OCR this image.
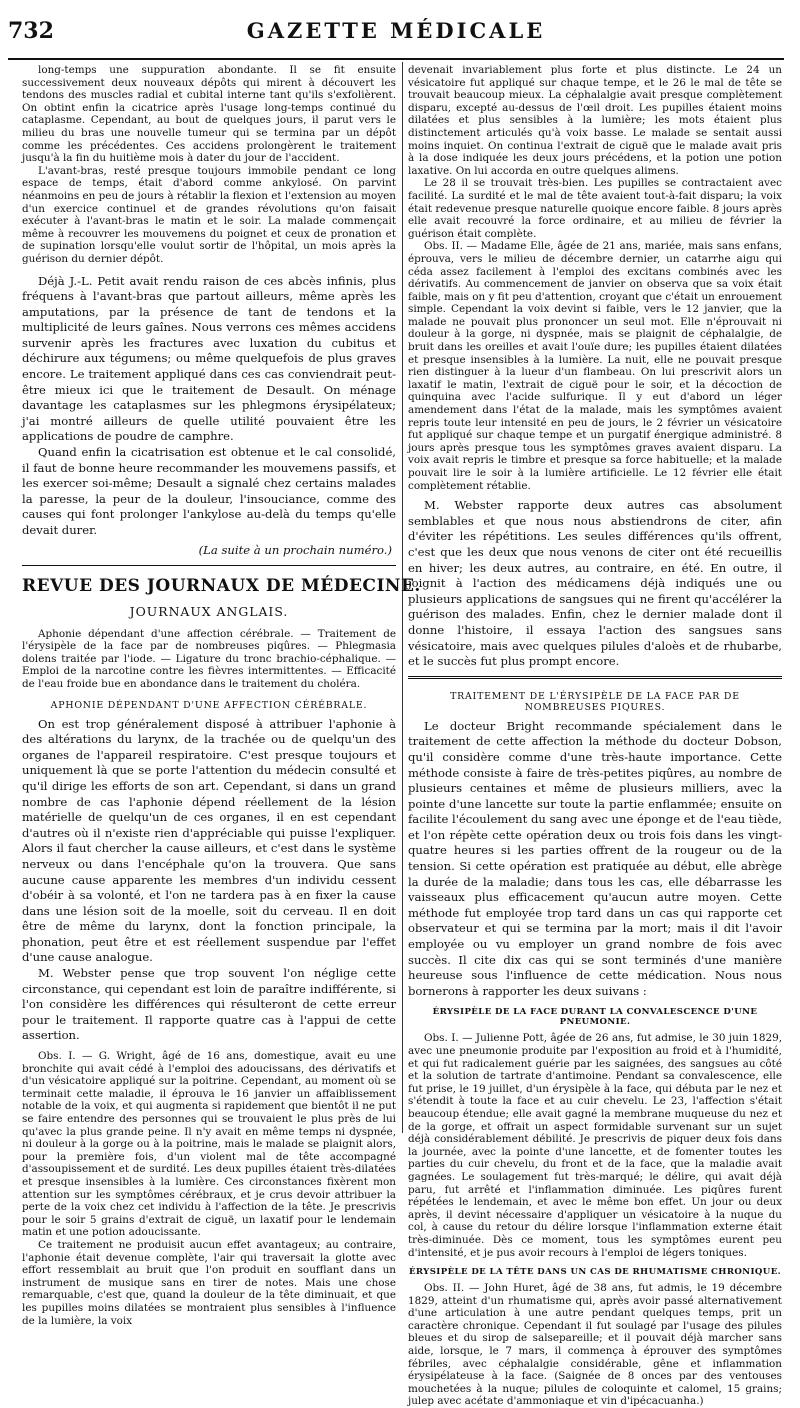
732	GAZETTE MÉDICALE

long-temps une suppuration abondante. Il se fit ensuite successivement deux nouveaux dépôts qui mirent à découvert les tendons des muscles radial et cubital interne tant qu'ils s'exfolièrent. On obtint enfin la cicatrice après l'usage long-temps continué du cataplasme. Cependant, au bout de quelques jours, il parut vers le milieu du bras une nouvelle tumeur qui se termina par un dépôt comme les précédentes. Ces accidens prolongèrent le traitement jusqu'à la fin du huitième mois à dater du jour de l'accident.

L'avant-bras, resté presque toujours immobile pendant ce long espace de temps, était d'abord comme ankylosé. On parvint néanmoins en peu de jours à rétablir la flexion et l'extension au moyen d'un exercice continuel et de grandes révolutions qu'on faisait exécuter à l'avant-bras le matin et le soir. La malade commençait même à recouvrer les mouvemens du poignet et ceux de pronation et de supination lorsqu'elle voulut sortir de l'hôpital, un mois après la guérison du dernier dépôt.

Déjà J.-L. Petit avait rendu raison de ces abcès infinis, plus fréquens à l'avant-bras que partout ailleurs, même après les amputations, par la présence de tant de tendons et la multiplicité de leurs gaînes. Nous verrons ces mêmes accidens survenir après les fractures avec luxation du cubitus et déchirure aux tégumens; ou même quelquefois de plus graves encore. Le traitement appliqué dans ces cas conviendrait peut-être mieux ici que le traitement de Desault. On ménage davantage les cataplasmes sur les phlegmons érysipélateux; j'ai montré ailleurs de quelle utilité pouvaient être les applications de poudre de camphre.

Quand enfin la cicatrisation est obtenue et le cal consolidé, il faut de bonne heure recommander les mouvemens passifs, et les exercer soi-même; Desault a signalé chez certains malades la paresse, la peur de la douleur, l'insouciance, comme des causes qui font prolonger l'ankylose au-delà du temps qu'elle devait durer.

(La suite à un prochain numéro.)
REVUE DES JOURNAUX DE MÉDECINE.
JOURNAUX ANGLAIS.

Aphonie dépendant d'une affection cérébrale. — Traitement de l'érysipèle de la face par de nombreuses piqûres. — Phlegmasia dolens traitée par l'iode. — Ligature du tronc brachio-céphalique. — Emploi de la narcotine contre les fièvres intermittentes. — Efficacité de l'eau froide bue en abondance dans le traitement du choléra.

APHONIE DÉPENDANT D'UNE AFFECTION CÉRÉBRALE.

On est trop généralement disposé à attribuer l'aphonie à des altérations du larynx, de la trachée ou de quelqu'un des organes de l'appareil respiratoire. C'est presque toujours et uniquement là que se porte l'attention du médecin consulté et qu'il dirige les efforts de son art. Cependant, si dans un grand nombre de cas l'aphonie dépend réellement de la lésion matérielle de quelqu'un de ces organes, il en est cependant d'autres où il n'existe rien d'appréciable qui puisse l'expliquer. Alors il faut chercher la cause ailleurs, et c'est dans le système nerveux ou dans l'encéphale qu'on la trouvera. Que sans aucune cause apparente les membres d'un individu cessent d'obéir à sa volonté, et l'on ne tardera pas à en fixer la cause dans une lésion soit de la moelle, soit du cerveau. Il en doit être de même du larynx, dont la fonction principale, la phonation, peut être et est réellement suspendue par l'effet d'une cause analogue.

M. Webster pense que trop souvent l'on néglige cette circonstance, qui cependant est loin de paraître indifférente, si l'on considère les différences qui résulteront de cette erreur pour le traitement. Il rapporte quatre cas à l'appui de cette assertion.

Obs. I. — G. Wright, âgé de 16 ans, domestique, avait eu une bronchite qui avait cédé à l'emploi des adoucissans, des dérivatifs et d'un vésicatoire appliqué sur la poitrine. Cependant, au moment où se terminait cette maladie, il éprouva le 16 janvier un affaiblissement notable de la voix, et qui augmenta si rapidement que bientôt il ne put se faire entendre des personnes qui se trouvaient le plus près de lui qu'avec la plus grande peine. Il n'y avait en même temps ni dyspnée, ni douleur à la gorge ou à la poitrine, mais le malade se plaignit alors, pour la première fois, d'un violent mal de tête accompagné d'assoupissement et de surdité. Les deux pupilles étaient très-dilatées et presque insensibles à la lumière. Ces circonstances fixèrent mon attention sur les symptômes cérébraux, et je crus devoir attribuer la perte de la voix chez cet individu à l'affection de la tête. Je prescrivis pour le soir 5 grains d'extrait de ciguë, un laxatif pour le lendemain matin et une potion adoucissante.

Ce traitement ne produisit aucun effet avantageux; au contraire, l'aphonie était devenue complète, l'air qui traversait la glotte avec effort ressemblait au bruit que l'on produit en soufflant dans un instrument de musique sans en tirer de notes. Mais une chose remarquable, c'est que, quand la douleur de la tête diminuait, et que les pupilles moins dilatées se montraient plus sensibles à l'influence de la lumière, la voix

devenait invariablement plus forte et plus distincte. Le 24 un vésicatoire fut appliqué sur chaque tempe, et le 26 le mal de tête se trouvait beaucoup mieux. La céphalalgie avait presque complètement disparu, excepté au-dessus de l'œil droit. Les pupilles étaient moins dilatées et plus sensibles à la lumière; les mots étaient plus distinctement articulés qu'à voix basse. Le malade se sentait aussi moins inquiet. On continua l'extrait de ciguë que le malade avait pris à la dose indiquée les deux jours précédens, et la potion une potion laxative. On lui accorda en outre quelques alimens.

Le 28 il se trouvait très-bien. Les pupilles se contractaient avec facilité. La surdité et le mal de tête avaient tout-à-fait disparu; la voix était redevenue presque naturelle quoique encore faible. 8 jours après elle avait recouvré la force ordinaire, et au milieu de février la guérison était complète.

Obs. II. — Madame Elle, âgée de 21 ans, mariée, mais sans enfans, éprouva, vers le milieu de décembre dernier, un catarrhe aigu qui céda assez facilement à l'emploi des excitans combinés avec les dérivatifs. Au commencement de janvier on observa que sa voix était faible, mais on y fit peu d'attention, croyant que c'était un enrouement simple. Cependant la voix devint si faible, vers le 12 janvier, que la malade ne pouvait plus prononcer un seul mot. Elle n'éprouvait ni douleur à la gorge, ni dyspnée, mais se plaignit de céphalalgie, de bruit dans les oreilles et avait l'ouïe dure; les pupilles étaient dilatées et presque insensibles à la lumière. La nuit, elle ne pouvait presque rien distinguer à la lueur d'un flambeau. On lui prescrivit alors un laxatif le matin, l'extrait de ciguë pour le soir, et la décoction de quinquina avec l'acide sulfurique. Il y eut d'abord un léger amendement dans l'état de la malade, mais les symptômes avaient repris toute leur intensité en peu de jours, le 2 février un vésicatoire fut appliqué sur chaque tempe et un purgatif énergique administré. 8 jours après presque tous les symptômes graves avaient disparu. La voix avait repris le timbre et presque sa force habituelle; et la malade pouvait lire le soir à la lumière artificielle. Le 12 février elle était complètement rétablie.

M. Webster rapporte deux autres cas absolument semblables et que nous nous abstiendrons de citer, afin d'éviter les répétitions. Les seules différences qu'ils offrent, c'est que les deux que nous venons de citer ont été recueillis en hiver; les deux autres, au contraire, en été. En outre, il joignit à l'action des médicamens déjà indiqués une ou plusieurs applications de sangsues qui ne firent qu'accélérer la guérison des malades. Enfin, chez le dernier malade dont il donne l'histoire, il essaya l'action des sangsues sans vésicatoire, mais avec quelques pilules d'aloès et de rhubarbe, et le succès fut plus prompt encore.

TRAITEMENT DE L'ÉRYSIPÈLE DE LA FACE PAR DE NOMBREUSES PIQURES.

Le docteur Bright recommande spécialement dans le traitement de cette affection la méthode du docteur Dobson, qu'il considère comme d'une très-haute importance. Cette méthode consiste à faire de très-petites piqûres, au nombre de plusieurs centaines et même de plusieurs milliers, avec la pointe d'une lancette sur toute la partie enflammée; ensuite on facilite l'écoulement du sang avec une éponge et de l'eau tiède, et l'on répète cette opération deux ou trois fois dans les vingt-quatre heures si les parties offrent de la rougeur ou de la tension. Si cette opération est pratiquée au début, elle abrège la durée de la maladie; dans tous les cas, elle débarrasse les vaisseaux plus efficacement qu'aucun autre moyen. Cette méthode fut employée trop tard dans un cas qui rapporte cet observateur et qui se termina par la mort; mais il dit l'avoir employée ou vu employer un grand nombre de fois avec succès. Il cite dix cas qui se sont terminés d'une manière heureuse sous l'influence de cette médication. Nous nous bornerons à rapporter les deux suivans :

ÉRYSIPÈLE DE LA FACE DURANT LA CONVALESCENCE D'UNE PNEUMONIE.

Obs. I. — Julienne Pott, âgée de 26 ans, fut admise, le 30 juin 1829, avec une pneumonie produite par l'exposition au froid et à l'humidité, et qui fut radicalement guérie par les saignées, des sangsues au côté et la solution de tartrate d'antimoine. Pendant sa convalescence, elle fut prise, le 19 juillet, d'un érysipèle à la face, qui débuta par le nez et s'étendit à toute la face et au cuir chevelu. Le 23, l'affection s'était beaucoup étendue; elle avait gagné la membrane muqueuse du nez et de la gorge, et offrait un aspect formidable survenant sur un sujet déjà considérablement débilité. Je prescrivis de piquer deux fois dans la journée, avec la pointe d'une lancette, et de fomenter toutes les parties du cuir chevelu, du front et de la face, que la maladie avait gagnées. Le soulagement fut très-marqué; le délire, qui avait déjà paru, fut arrêté et l'inflammation diminuée. Les piqûres furent répétées le lendemain, et avec le même bon effet. Un jour ou deux après, il devint nécessaire d'appliquer un vésicatoire à la nuque du col, à cause du retour du délire lorsque l'inflammation externe était très-diminuée. Dès ce moment, tous les symptômes eurent peu d'intensité, et je pus avoir recours à l'emploi de légers toniques.

ÉRYSIPÈLE DE LA TÊTE DANS UN CAS DE RHUMATISME CHRONIQUE.

Obs. II. — John Huret, âgé de 38 ans, fut admis, le 19 décembre 1829, atteint d'un rhumatisme qui, après avoir passé alternativement d'une articulation à une autre pendant quelques temps, prit un caractère chronique. Cependant il fut soulagé par l'usage des pilules bleues et du sirop de salsepareille; et il pouvait déjà marcher sans aide, lorsque, le 7 mars, il commença à éprouver des symptômes fébriles, avec céphalalgie considérable, gêne et inflammation érysipélateuse à la face. (Saignée de 8 onces par des ventouses mouchetées à la nuque; pilules de coloquinte et calomel, 15 grains; julep avec acétate d'ammoniaque et vin d'ipécacuanha.)
